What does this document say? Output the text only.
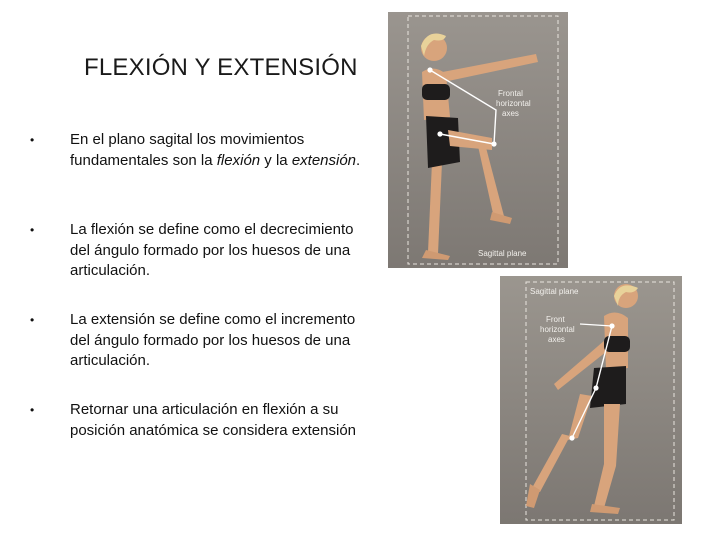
FLEXIÓN Y EXTENSIÓN
• En el plano sagital los movimientos fundamentales son la flexión y la extensión.
• La flexión se define como el decrecimiento del ángulo formado por los huesos de una articulación.
• La extensión se define como el incremento del ángulo formado por los huesos de una articulación.
• Retornar una articulación en flexión a su posición anatómica se considera extensión
Frontal
horizontal
axes
Sagittal plane
Sagittal plane
Front
horizontal
axes
